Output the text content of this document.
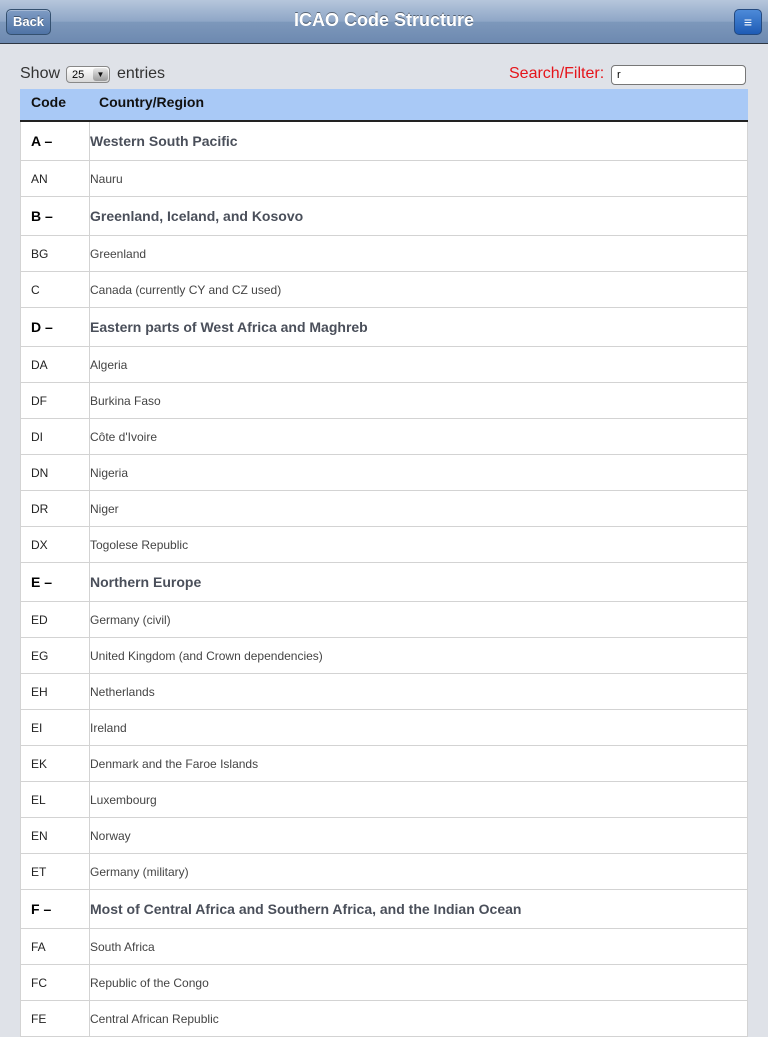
Back	ICAO Code Structure	≡
Show 25	▼ entries	Search/Filter:
r
Code Country/Region
A –	Western South Pacific
AN	Nauru
B –	Greenland, Iceland, and Kosovo
BG	Greenland
C	Canada (currently CY and CZ used)
D –	Eastern parts of West Africa and Maghreb
DA	Algeria
DF	Burkina Faso
DI	Côte d'Ivoire
DN	Nigeria
DR	Niger
DX	Togolese Republic
E –	Northern Europe
ED	Germany (civil)
EG	United Kingdom (and Crown dependencies)
EH	Netherlands
EI	Ireland
EK	Denmark and the Faroe Islands
EL	Luxembourg
EN	Norway
ET	Germany (military)
F –	Most of Central Africa and Southern Africa, and the Indian Ocean
FA	South Africa
FC	Republic of the Congo
FE	Central African Republic
